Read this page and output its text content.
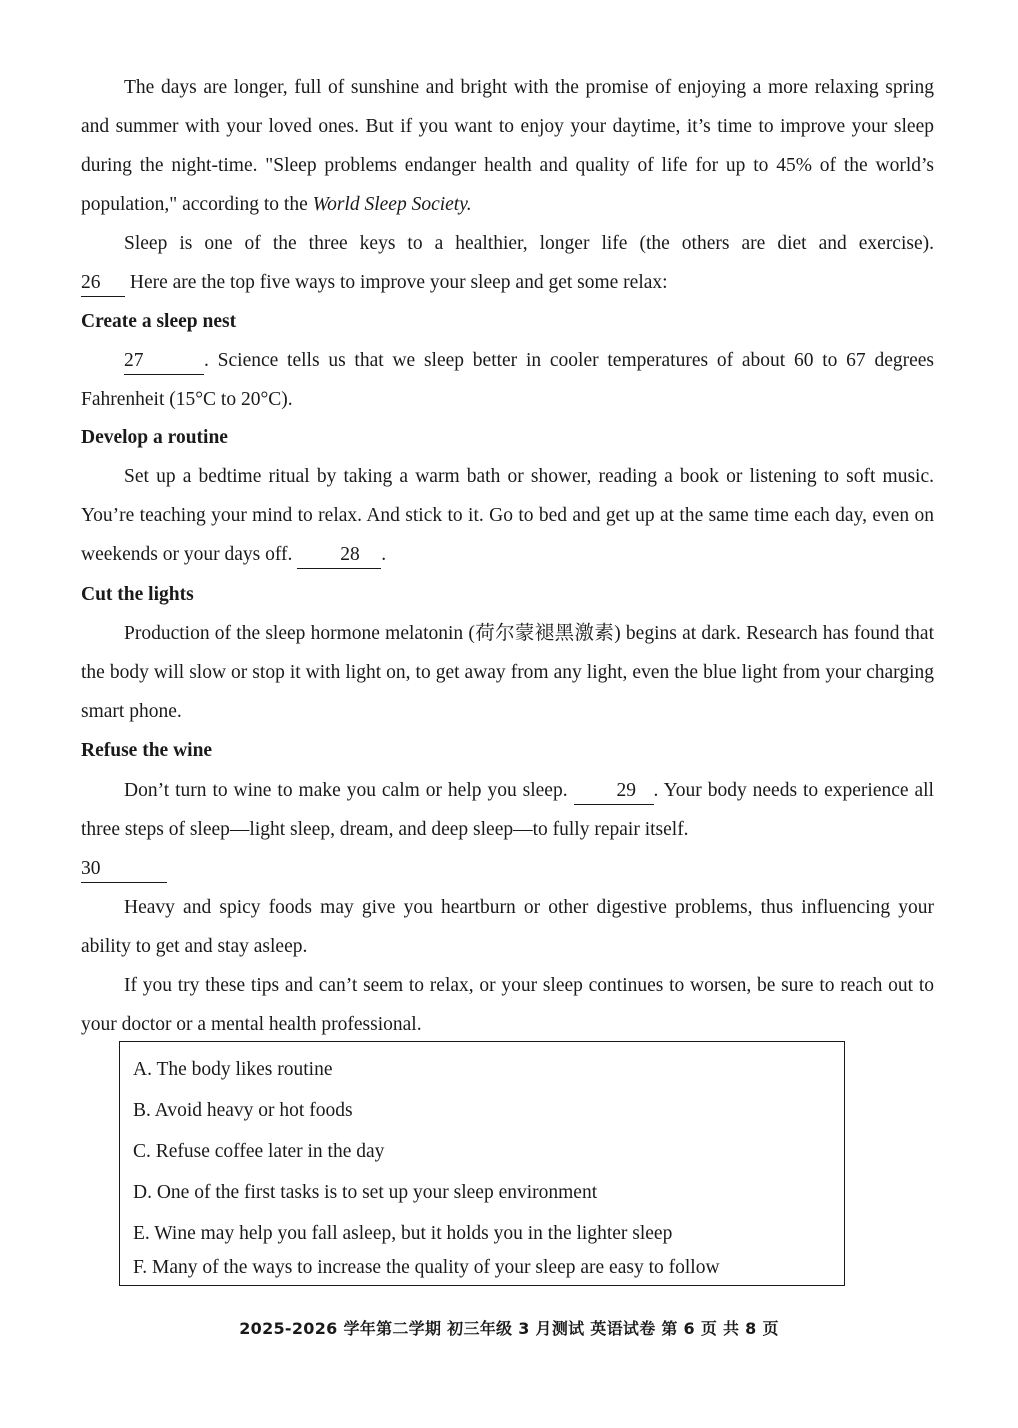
The days are longer, full of sunshine and bright with the promise of enjoying a more relaxing spring and summer with your loved ones. But if you want to enjoy your daytime, it’s time to improve your sleep during the night-time. "Sleep problems endanger health and quality of life for up to 45% of the world’s population," according to the World Sleep Society.
Sleep is one of the three keys to a healthier, longer life (the others are diet and exercise).
26 Here are the top five ways to improve your sleep and get some relax:
Create a sleep nest
27	. Science tells us that we sleep better in cooler temperatures of about 60 to 67 degrees Fahrenheit (15°C to 20°C).
Develop a routine
Set up a bedtime ritual by taking a warm bath or shower, reading a book or listening to soft music. You’re teaching your mind to relax. And stick to it. Go to bed and get up at the same time each day, even on weekends or your days off. 28 .
Cut the lights
Production of the sleep hormone melatonin (荷尔蒙褪黑激素) begins at dark. Research has found that the body will slow or stop it with light on, to get away from any light, even the blue light from your charging smart phone.
Refuse the wine
Don’t turn to wine to make you calm or help you sleep. 29 . Your body needs to experience all three steps of sleep—light sleep, dream, and deep sleep—to fully repair itself.
30
Heavy and spicy foods may give you heartburn or other digestive problems, thus influencing your ability to get and stay asleep.
If you try these tips and can’t seem to relax, or your sleep continues to worsen, be sure to reach out to your doctor or a mental health professional.
A. The body likes routine
B. Avoid heavy or hot foods
C. Refuse coffee later in the day
D. One of the first tasks is to set up your sleep environment
E. Wine may help you fall asleep, but it holds you in the lighter sleep
F. Many of the ways to increase the quality of your sleep are easy to follow
2025-2026 学年第二学期 初三年级 3 月测试 英语试卷 第 6 页 共 8 页
